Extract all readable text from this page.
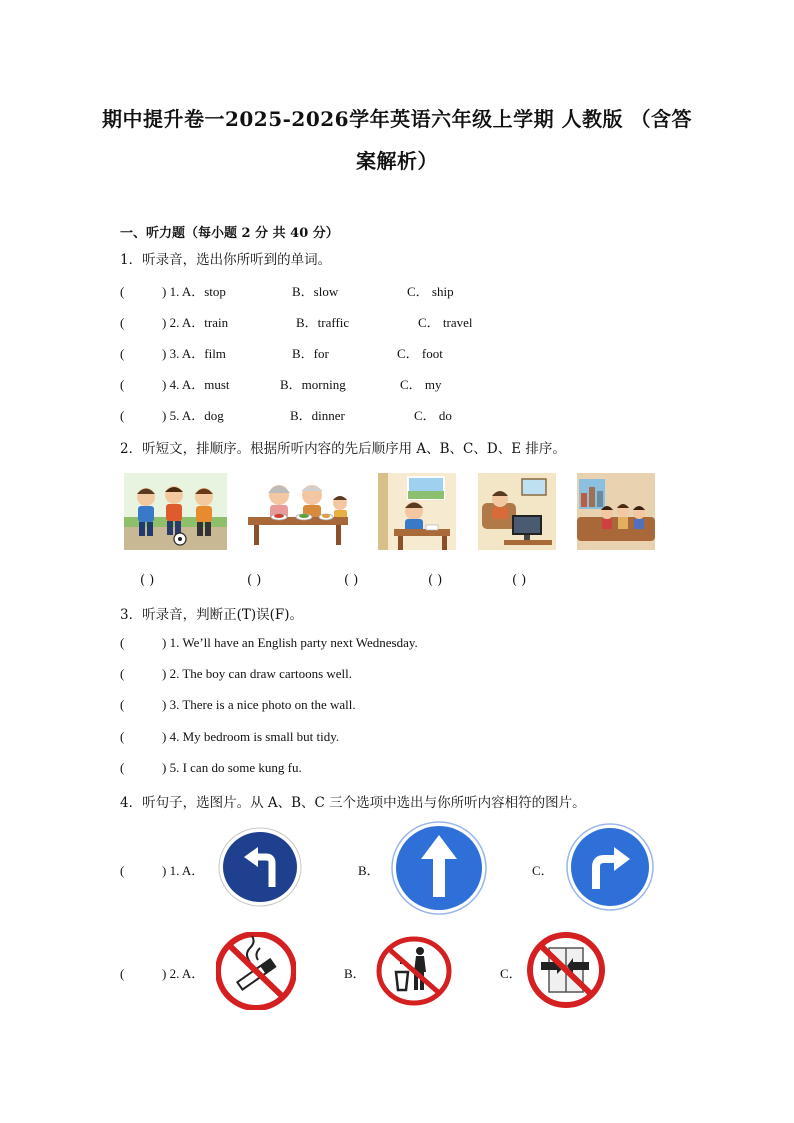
期中提升卷一2025-2026学年英语六年级上学期 人教版 （含答
案解析）
一、听力题（每小题 2 分 共 40 分）
1．听录音，选出你所听到的单词。
(	) 1. A．stop	B．slow	C． ship
(	) 2. A．train	B．traffic	C． travel
(	) 3. A．film	B．for	C． foot
(	) 4. A．must	B．morning	C． my
(	) 5. A．dog	B．dinner	C． do
2．听短文，排顺序。根据所听内容的先后顺序用 A、B、C、D、E 排序。
( )	( )	( )	( )	( )
3．听录音，判断正(T)误(F)。
(	) 1. We’ll have an English party next Wednesday.
(	) 2. The boy can draw cartoons well.
(	) 3. There is a nice photo on the wall.
(	) 4. My bedroom is small but tidy.
(	) 5. I can do some kung fu.
4．听句子，选图片。从 A、B、C 三个选项中选出与你所听内容相符的图片。
(	) 1. A．	B．	C．
(	) 2. A．	B．	C．
